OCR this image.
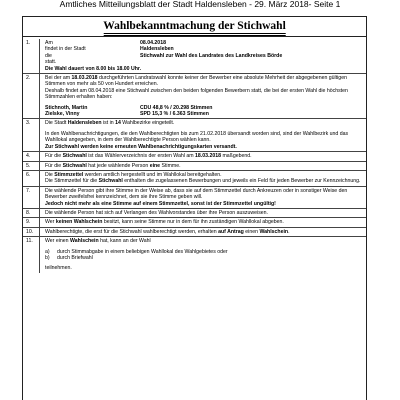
Amtliches Mitteilungsblatt der Stadt Haldensleben - 29. März 2018- Seite 1
Wahlbekanntmachung der Stichwahl
1.	Am	08.04.2018
findet in der Stadt	Haldensleben
die	Stichwahl zur Wahl des Landrates des Landkreises Börde
statt.
Die Wahl dauert von 8.00 bis 18.00 Uhr.
2.	Bei der am 18.03.2018 durchgeführten Landratswahl konnte keiner der Bewerber eine absolute Mehrheit der abgegebenen gültigen Stimmen von mehr als 50 von Hundert erreichen.

Deshalb findet am 08.04.2018 eine Stichwahl zwischen den beiden folgenden Bewerbern statt, die bei der ersten Wahl die höchsten Stimmzahlen erhalten haben:

Stichnoth, Martin	CDU 48,8 % / 20.298 Stimmen
Zielske, Vinny	SPD 15,3 % / 6.363 Stimmen
3.	Die Stadt Haldensleben ist in 14 Wahlbezirke eingeteilt.

In den Wahlbenachrichtigungen, die den Wahlberechtigten bis zum 21.02.2018 übersandt worden sind, sind der Wahlbezirk und das Wahllokal angegeben, in dem der Wahlberechtigte Person wählen kann.

Zur Stichwahl werden keine erneuten Wahlbenachrichtigungskarten versandt.

4.	Für die Stichwahl ist das Wählerverzeichnis der ersten Wahl am 18.03.2018 maßgebend.

5.	Für die Stichwahl hat jede wählende Person eine Stimme.

6.	Die Stimmzettel werden amtlich hergestellt und im Wahllokal bereitgehalten.

Die Stimmzettel für die Stichwahl enthalten die zugelassenen Bewerbungen und jeweils ein Feld für jeden Bewerber zur Kennzeichnung.

7.	Die wählende Person gibt ihre Stimme in der Weise ab, dass sie auf dem Stimmzettel durch Ankreuzen oder in sonstiger Weise den Bewerber zweifelsfrei kennzeichnet, dem sie ihre Stimme geben will.

Jedoch nicht mehr als eine Stimme auf einem Stimmzettel, sonst ist der Stimmzettel ungültig!

8.	Die wählende Person hat sich auf Verlangen des Wahlvorstandes über ihre Person auszuweisen.

9.	Wer keinen Wahlschein besitzt, kann seine Stimme nur in dem für ihn zuständigen Wahllokal abgeben.

10. Wahlberechtigte, die erst für die Stichwahl wahlberechtigt werden, erhalten auf Antrag einen Wahlschein.

11. Wer einen Wahlschein hat, kann an der Wahl

a)	durch Stimmabgabe in einem beliebigen Wahllokal des Wahlgebietes oder
b)	durch Briefwahl
teilnehmen.
